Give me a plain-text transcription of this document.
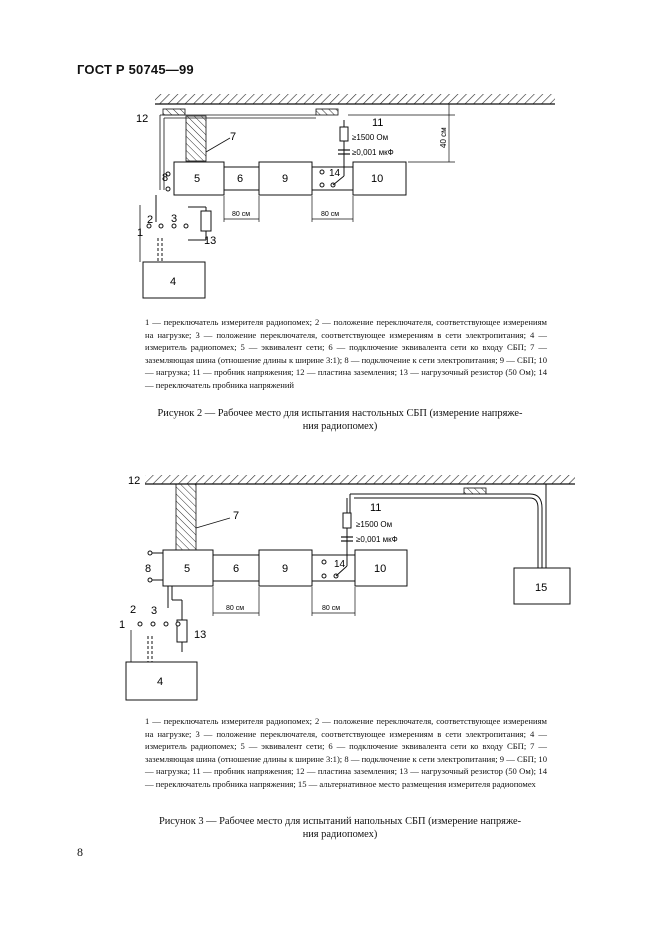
ГОСТ Р 50745—99
12
7
11
≥1500 Ом
≥0,001 мкФ
40 см
8 5	6	9	14	10
80 см	80 см
2 3
1
13
4
1 — переключатель измерителя радиопомех; 2 — положение переключателя, соответствующее измерениям на нагрузке; 3 — положение переключателя, соответствующее измерениям в сети электропитания; 4 — измеритель радиопомех; 5 — эквивалент сети; 6 — подключение эквивалента сети ко входу СБП; 7 — заземляющая шина (отношение длины к ширине 3:1); 8 — подключение к сети электропитания; 9 — СБП; 10 — нагрузка; 11 — пробник напряжения; 12 — пластина заземления; 13 — нагрузочный резистор (50 Ом); 14 — переключатель пробника напряжений
Рисунок 2 — Рабочее место для испытания настольных СБП (измерение напряже-
ния радиопомех)
12
7
11
≥1500 Ом
≥0,001 мкФ
8	5	6	9	14	10
15
80 см	80 см
2 3
1
13
4
1 — переключатель измерителя радиопомех; 2 — положение переключателя, соответствующее измерениям на нагрузке; 3 — положение переключателя, соответствующее измерениям в сети электропитания; 4 — измеритель радиопомех; 5 — эквивалент сети; 6 — подключение эквивалента сети ко входу СБП; 7 — заземляющая шина (отношение длины к ширине 3:1); 8 — подключение к сети электропитания; 9 — СБП; 10 — нагрузка; 11 — пробник напряжения; 12 — пластина заземления; 13 — нагрузочный резистор (50 Ом); 14 — переключатель пробника напряжения; 15 — альтернативное место размещения измерителя радиопомех
Рисунок 3 — Рабочее место для испытаний напольных СБП (измерение напряже-
ния радиопомех)
8
